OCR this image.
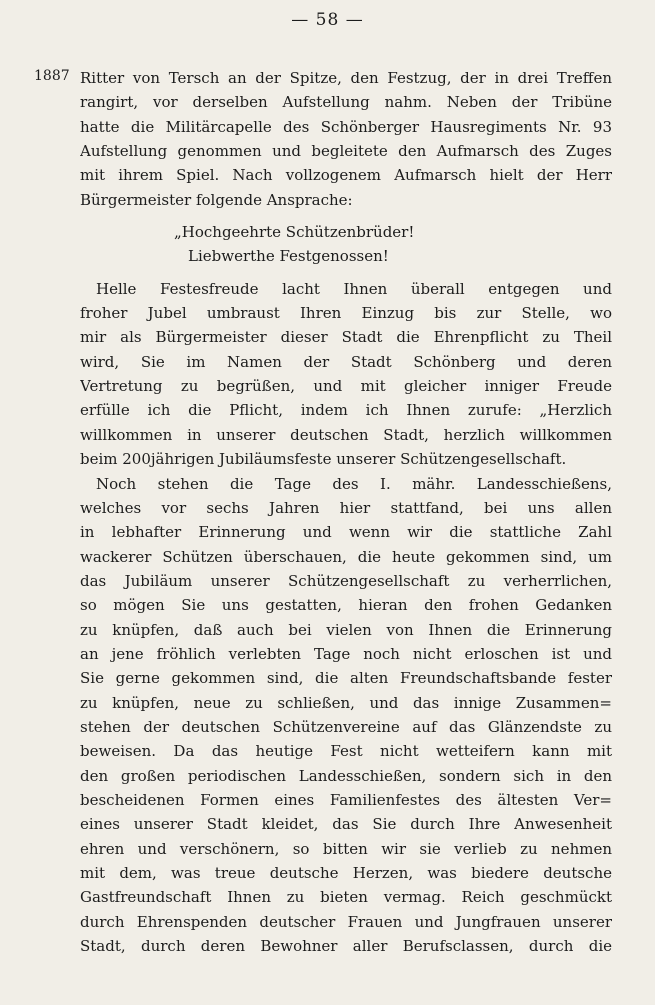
— 58 —
1887 Ritter von Tersch an der Spitze, den Festzug, der in drei Treffen
rangirt, vor derselben Aufstellung nahm. Neben der Tribüne
hatte die Militärcapelle des Schönberger Hausregiments Nr. 93
Aufstellung genommen und begleitete den Aufmarsch des Zuges
mit ihrem Spiel. Nach vollzogenem Aufmarsch hielt der Herr
Bürgermeister folgende Ansprache:
„Hochgeehrte Schützenbrüder!
Liebwerthe Festgenossen!
Helle Festesfreude lacht Ihnen überall entgegen und
froher Jubel umbraust Ihren Einzug bis zur Stelle, wo
mir als Bürgermeister dieser Stadt die Ehrenpflicht zu Theil
wird, Sie im Namen der Stadt Schönberg und deren
Vertretung zu begrüßen, und mit gleicher inniger Freude
erfülle ich die Pflicht, indem ich Ihnen zurufe: „Herzlich
willkommen in unserer deutschen Stadt, herzlich willkommen
beim 200jährigen Jubiläumsfeste unserer Schützengesellschaft.
Noch stehen die Tage des I. mähr. Landesschießens,
welches vor sechs Jahren hier stattfand, bei uns allen
in lebhafter Erinnerung und wenn wir die stattliche Zahl
wackerer Schützen überschauen, die heute gekommen sind, um
das Jubiläum unserer Schützengesellschaft zu verherrlichen,
so mögen Sie uns gestatten, hieran den frohen Gedanken
zu knüpfen, daß auch bei vielen von Ihnen die Erinnerung
an jene fröhlich verlebten Tage noch nicht erloschen ist und
Sie gerne gekommen sind, die alten Freundschaftsbande fester
zu knüpfen, neue zu schließen, und das innige Zusammen=
stehen der deutschen Schützenvereine auf das Glänzendste zu
beweisen. Da das heutige Fest nicht wetteifern kann mit
den großen periodischen Landesschießen, sondern sich in den
bescheidenen Formen eines Familienfestes des ältesten Ver=
eines unserer Stadt kleidet, das Sie durch Ihre Anwesenheit
ehren und verschönern, so bitten wir sie verlieb zu nehmen
mit dem, was treue deutsche Herzen, was biedere deutsche
Gastfreundschaft Ihnen zu bieten vermag. Reich geschmückt
durch Ehrenspenden deutscher Frauen und Jungfrauen unserer
Stadt, durch deren Bewohner aller Berufsclassen, durch die
